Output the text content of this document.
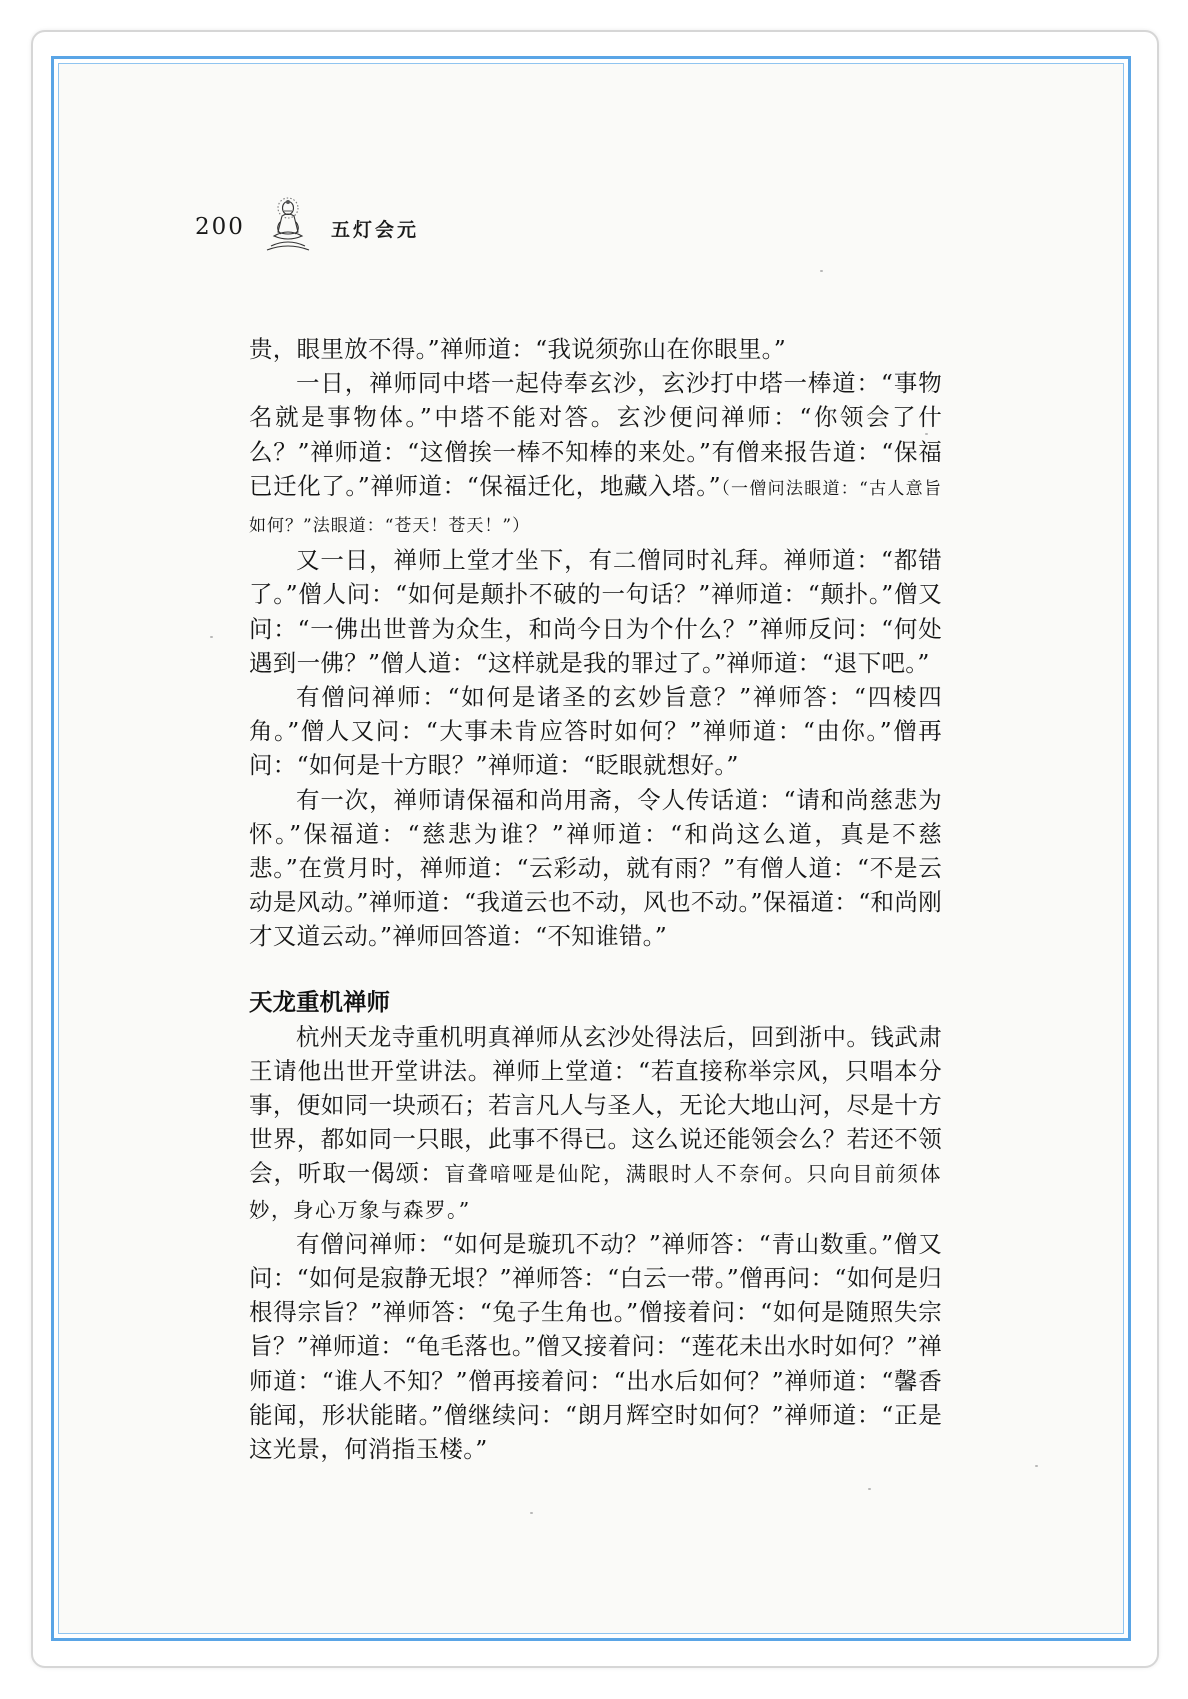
200	五灯会元

贵，眼里放不得。”禅师道：“我说须弥山在你眼里。”

一日，禅师同中塔一起侍奉玄沙，玄沙打中塔一棒道：“事物名就是事物体。”中塔不能对答。玄沙便问禅师：“你领会了什么？”禅师道：“这僧挨一棒不知棒的来处。”有僧来报告道：“保福已迁化了。”禅师道：“保福迁化，地藏入塔。”（一僧问法眼道：“古人意旨如何？”法眼道：“苍天！苍天！”）

又一日，禅师上堂才坐下，有二僧同时礼拜。禅师道：“都错了。”僧人问：“如何是颠扑不破的一句话？”禅师道：“颠扑。”僧又问：“一佛出世普为众生，和尚今日为个什么？”禅师反问：“何处遇到一佛？”僧人道：“这样就是我的罪过了。”禅师道：“退下吧。”

有僧问禅师：“如何是诸圣的玄妙旨意？”禅师答：“四棱四角。”僧人又问：“大事未肯应答时如何？”禅师道：“由你。”僧再问：“如何是十方眼？”禅师道：“眨眼就想好。”

有一次，禅师请保福和尚用斋，令人传话道：“请和尚慈悲为怀。”保福道：“慈悲为谁？”禅师道：“和尚这么道，真是不慈悲。”在赏月时，禅师道：“云彩动，就有雨？”有僧人道：“不是云动是风动。”禅师道：“我道云也不动，风也不动。”保福道：“和尚刚才又道云动。”禅师回答道：“不知谁错。”

天龙重机禅师

杭州天龙寺重机明真禅师从玄沙处得法后，回到浙中。钱武肃王请他出世开堂讲法。禅师上堂道：“若直接称举宗风，只唱本分事，便如同一块顽石；若言凡人与圣人，无论大地山河，尽是十方世界，都如同一只眼，此事不得已。这么说还能领会么？若还不领会，听取一偈颂：盲聋喑哑是仙陀，满眼时人不奈何。只向目前须体妙，身心万象与森罗。”

有僧问禅师：“如何是璇玑不动？”禅师答：“青山数重。”僧又问：“如何是寂静无垠？”禅师答：“白云一带。”僧再问：“如何是归根得宗旨？”禅师答：“兔子生角也。”僧接着问：“如何是随照失宗旨？”禅师道：“龟毛落也。”僧又接着问：“莲花未出水时如何？”禅师道：“谁人不知？”僧再接着问：“出水后如何？”禅师道：“馨香能闻，形状能睹。”僧继续问：“朗月辉空时如何？”禅师道：“正是这光景，何消指玉楼。”
